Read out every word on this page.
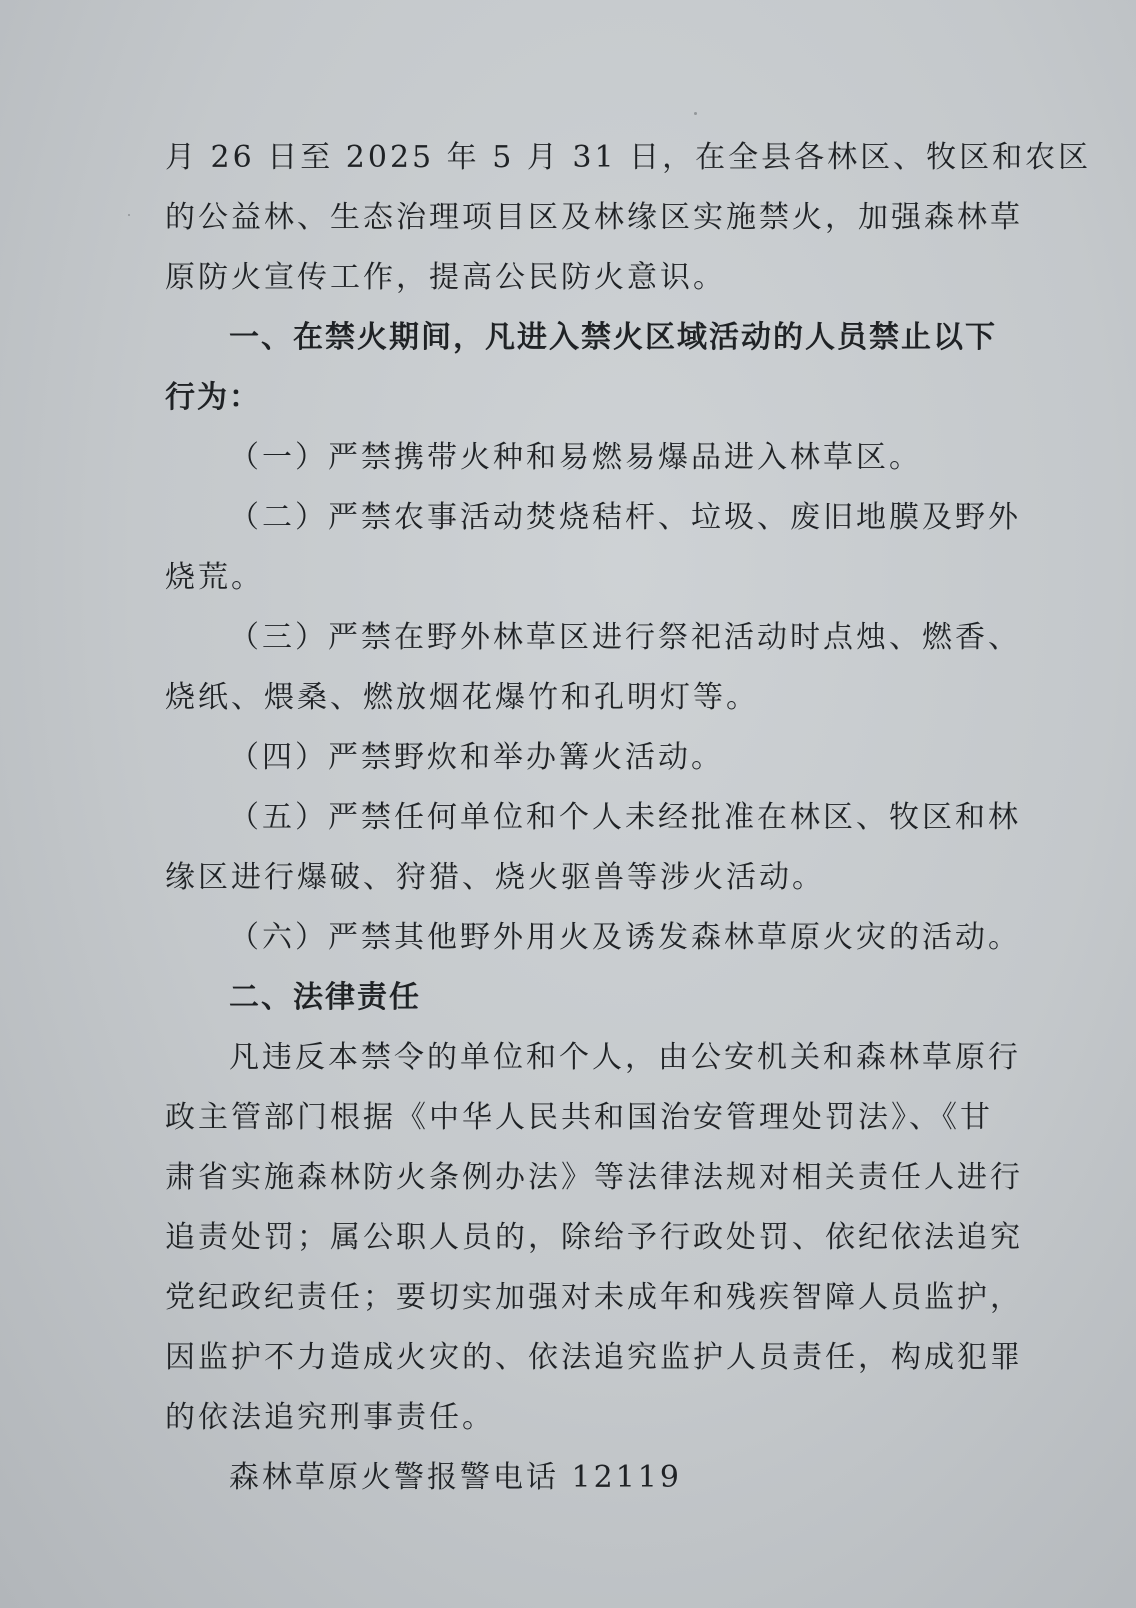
月 26 日至 2025 年 5 月 31 日，在全县各林区、牧区和农区
的公益林、生态治理项目区及林缘区实施禁火，加强森林草
原防火宣传工作，提高公民防火意识。
一、在禁火期间，凡进入禁火区域活动的人员禁止以下
行为：
（一）严禁携带火种和易燃易爆品进入林草区。
（二）严禁农事活动焚烧秸杆、垃圾、废旧地膜及野外
烧荒。
（三）严禁在野外林草区进行祭祀活动时点烛、燃香、
烧纸、煨桑、燃放烟花爆竹和孔明灯等。
（四）严禁野炊和举办篝火活动。
（五）严禁任何单位和个人未经批准在林区、牧区和林
缘区进行爆破、狩猎、烧火驱兽等涉火活动。
（六）严禁其他野外用火及诱发森林草原火灾的活动。
二、法律责任
凡违反本禁令的单位和个人，由公安机关和森林草原行
政主管部门根据《中华人民共和国治安管理处罚法》、《甘
肃省实施森林防火条例办法》等法律法规对相关责任人进行
追责处罚；属公职人员的，除给予行政处罚、依纪依法追究
党纪政纪责任；要切实加强对未成年和残疾智障人员监护，
因监护不力造成火灾的、依法追究监护人员责任，构成犯罪
的依法追究刑事责任。
森林草原火警报警电话 12119
